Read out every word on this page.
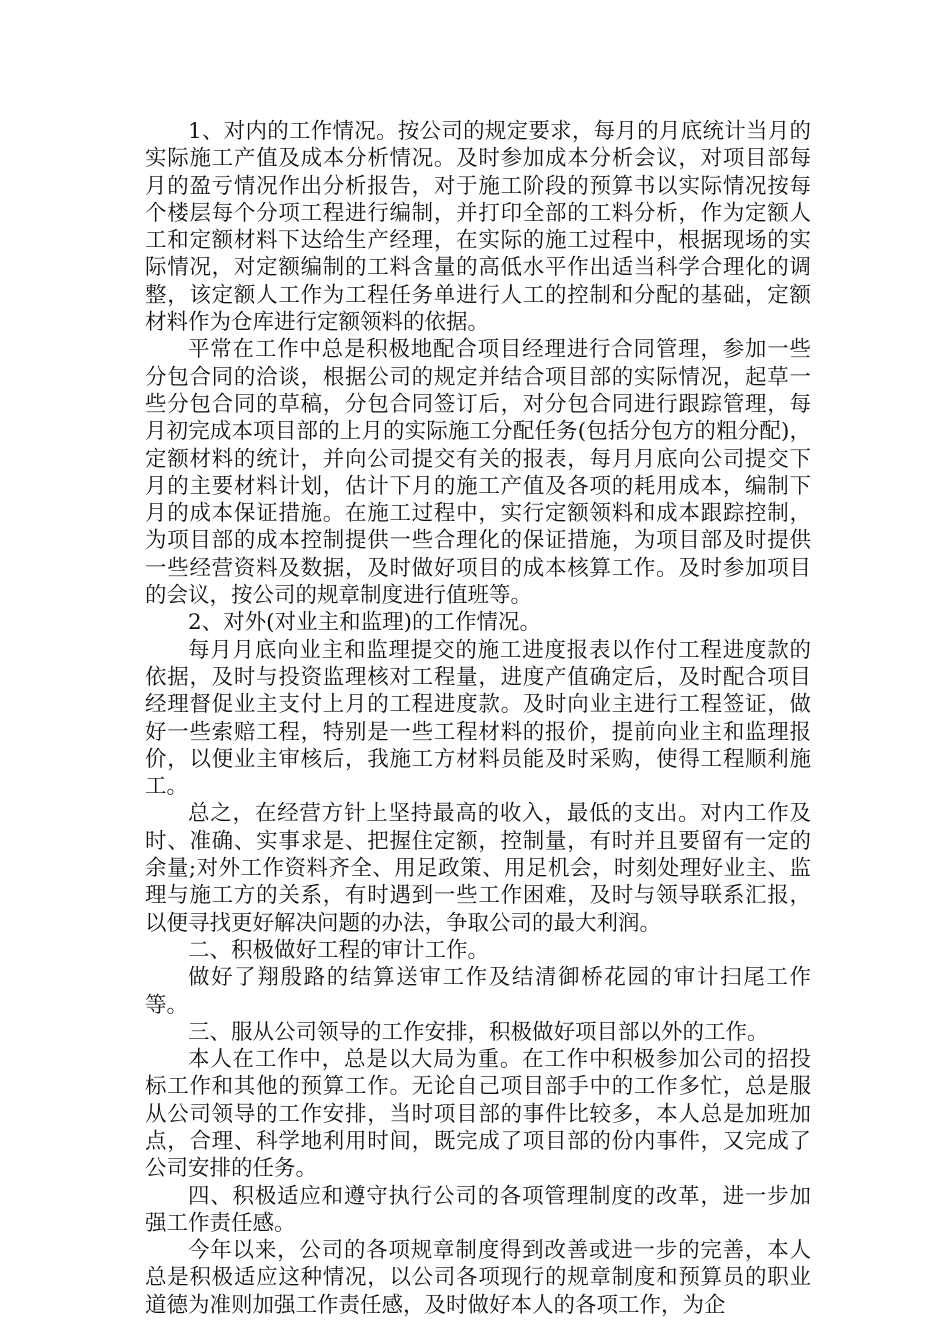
1、对内的工作情况。按公司的规定要求，每月的月底统计当月的实际施工产值及成本分析情况。及时参加成本分析会议，对项目部每月的盈亏情况作出分析报告，对于施工阶段的预算书以实际情况按每个楼层每个分项工程进行编制，并打印全部的工料分析，作为定额人工和定额材料下达给生产经理，在实际的施工过程中，根据现场的实际情况，对定额编制的工料含量的高低水平作出适当科学合理化的调整，该定额人工作为工程任务单进行人工的控制和分配的基础，定额材料作为仓库进行定额领料的依据。

平常在工作中总是积极地配合项目经理进行合同管理，参加一些分包合同的洽谈，根据公司的规定并结合项目部的实际情况，起草一些分包合同的草稿，分包合同签订后，对分包合同进行跟踪管理，每月初完成本项目部的上月的实际施工分配任务(包括分包方的粗分配)，定额材料的统计，并向公司提交有关的报表，每月月底向公司提交下月的主要材料计划，估计下月的施工产值及各项的耗用成本，编制下月的成本保证措施。在施工过程中，实行定额领料和成本跟踪控制，为项目部的成本控制提供一些合理化的保证措施，为项目部及时提供一些经营资料及数据，及时做好项目的成本核算工作。及时参加项目的会议，按公司的规章制度进行值班等。

2、对外(对业主和监理)的工作情况。

每月月底向业主和监理提交的施工进度报表以作付工程进度款的依据，及时与投资监理核对工程量，进度产值确定后，及时配合项目经理督促业主支付上月的工程进度款。及时向业主进行工程签证，做好一些索赔工程，特别是一些工程材料的报价，提前向业主和监理报价，以便业主审核后，我施工方材料员能及时采购，使得工程顺利施工。

总之，在经营方针上坚持最高的收入，最低的支出。对内工作及时、准确、实事求是、把握住定额，控制量，有时并且要留有一定的余量;对外工作资料齐全、用足政策、用足机会，时刻处理好业主、监理与施工方的关系，有时遇到一些工作困难，及时与领导联系汇报，以便寻找更好解决问题的办法，争取公司的最大利润。

二、积极做好工程的审计工作。

做好了翔殷路的结算送审工作及结清御桥花园的审计扫尾工作等。

三、服从公司领导的工作安排，积极做好项目部以外的工作。

本人在工作中，总是以大局为重。在工作中积极参加公司的招投标工作和其他的预算工作。无论自己项目部手中的工作多忙，总是服从公司领导的工作安排，当时项目部的事件比较多，本人总是加班加点，合理、科学地利用时间，既完成了项目部的份内事件，又完成了公司安排的任务。

四、积极适应和遵守执行公司的各项管理制度的改革，进一步加强工作责任感。

今年以来，公司的各项规章制度得到改善或进一步的完善，本人总是积极适应这种情况，以公司各项现行的规章制度和预算员的职业道德为准则加强工作责任感，及时做好本人的各项工作，为企
